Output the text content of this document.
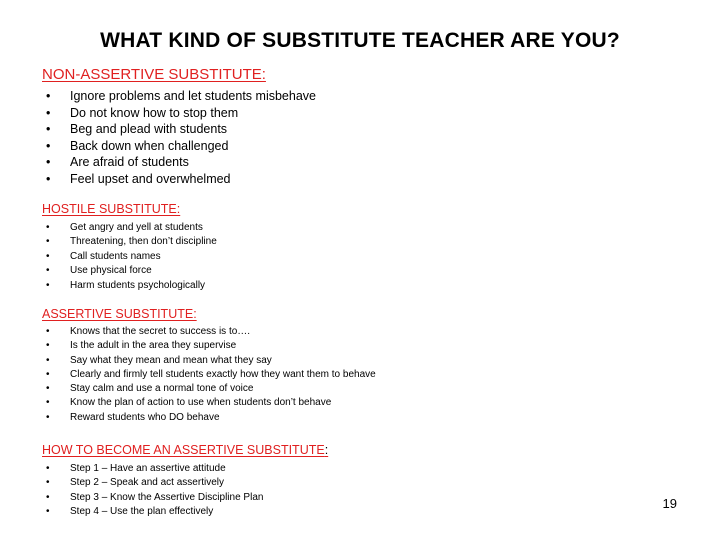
WHAT KIND OF SUBSTITUTE TEACHER ARE YOU?
NON-ASSERTIVE SUBSTITUTE:
• Ignore problems and let students misbehave
• Do not know how to stop them
• Beg and plead with students
• Back down when challenged
• Are afraid of students
• Feel upset and overwhelmed
HOSTILE SUBSTITUTE:
• Get angry and yell at students
• Threatening, then don’t discipline
• Call students names
• Use physical force
• Harm students psychologically
ASSERTIVE SUBSTITUTE:
• Knows that the secret to success is to….
• Is the adult in the area they supervise
• Say what they mean and mean what they say
• Clearly and firmly tell students exactly how they want them to behave
• Stay calm and use a normal tone of voice
• Know the plan of action to use when students don’t behave
• Reward students who DO behave
HOW TO BECOME AN ASSERTIVE SUBSTITUTE:
• Step 1 – Have an assertive attitude
• Step 2 – Speak and act assertively
• Step 3 – Know the Assertive Discipline Plan
• Step 4 – Use the plan effectively
19
